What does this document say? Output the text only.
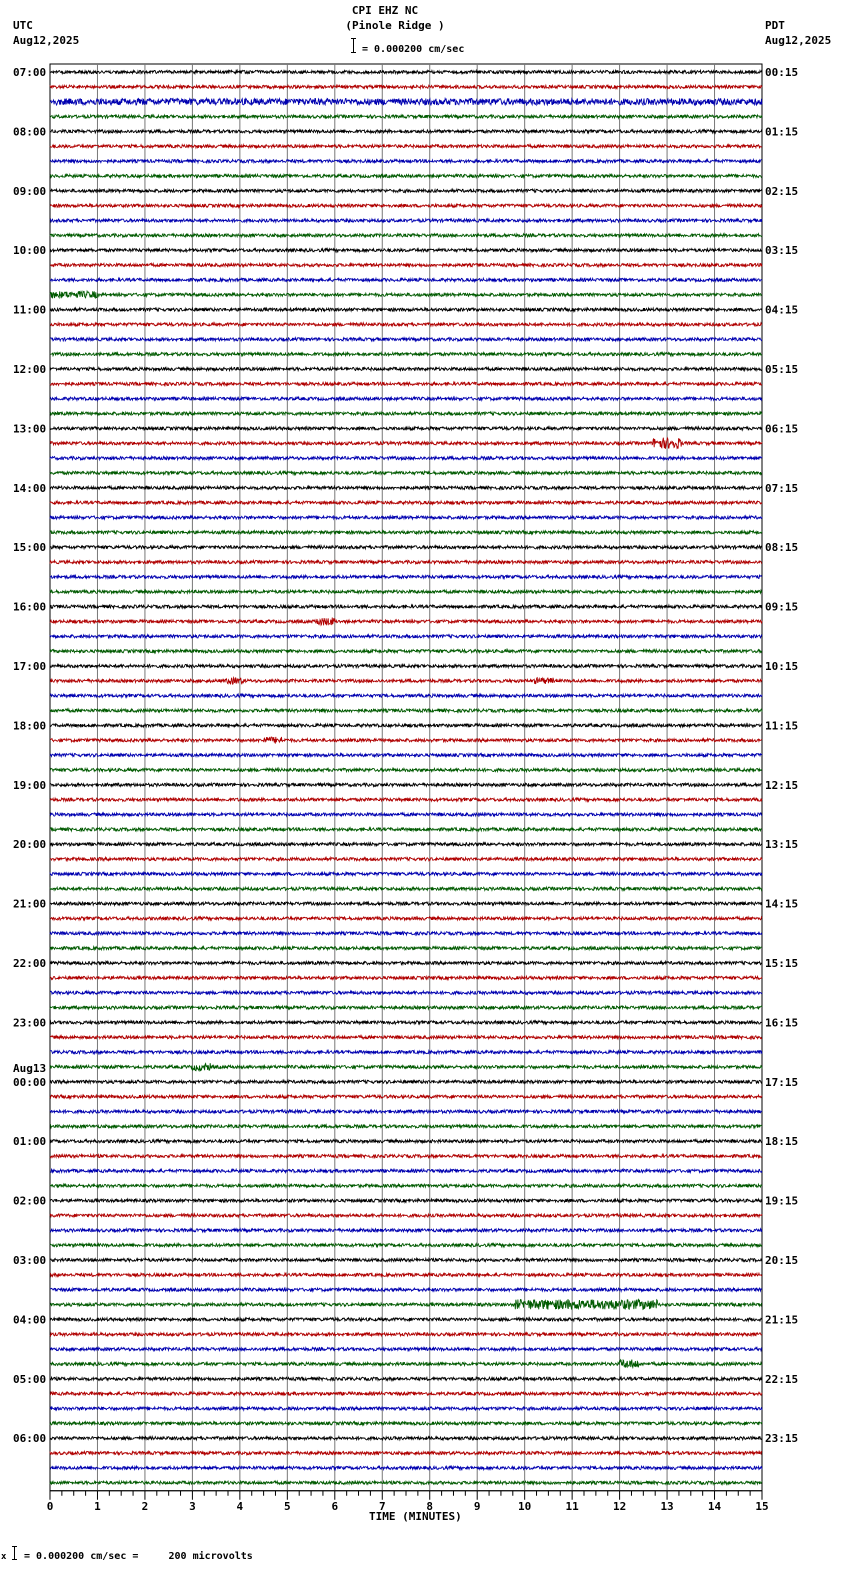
CPI EHZ NC
(Pinole Ridge )
UTC
Aug12,2025
PDT
Aug12,2025
= 0.000200 cm/sec
0	1	2	3	4	5	6	7	8	9	10	11	12	13	14	15
07:00	00:15
08:00	01:15
09:00	02:15
10:00	03:15
11:00	04:15
12:00	05:15
13:00	06:15
14:00	07:15
15:00	08:15
16:00	09:15
17:00	10:15
18:00	11:15
19:00	12:15
20:00	13:15
21:00	14:15
22:00	15:15
23:00	16:15
00:00	17:15
Aug13
01:00	18:15
02:00	19:15
03:00	20:15
04:00	21:15
05:00	22:15
06:00	23:15
TIME (MINUTES)
x = 0.000200 cm/sec =     200 microvolts
